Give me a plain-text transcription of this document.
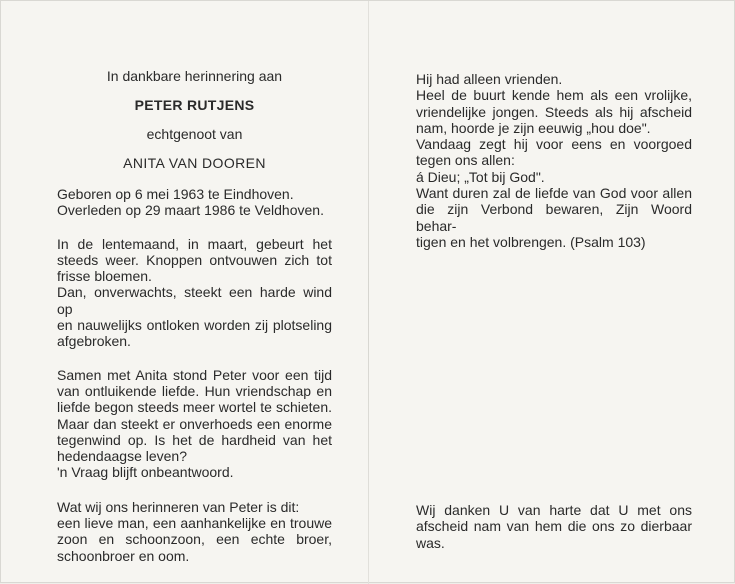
In dankbare herinnering aan
PETER RUTJENS
echtgenoot van
ANITA VAN DOOREN
Geboren op 6 mei 1963 te Eindhoven.
Overleden op 29 maart 1986 te Veldhoven.
In de lentemaand, in maart, gebeurt het
steeds weer. Knoppen ontvouwen zich tot
frisse bloemen.
Dan, onverwachts, steekt een harde wind op
en nauwelijks ontloken worden zij plotseling
afgebroken.
Samen met Anita stond Peter voor een tijd
van ontluikende liefde. Hun vriendschap en
liefde begon steeds meer wortel te schieten.
Maar dan steekt er onverhoeds een enorme
tegenwind op. Is het de hardheid van het
hedendaagse leven?
'n Vraag blijft onbeantwoord.
Wat wij ons herinneren van Peter is dit:
een lieve man, een aanhankelijke en trouwe
zoon en schoonzoon, een echte broer,
schoonbroer en oom.
Hij had alleen vrienden.
Heel de buurt kende hem als een vrolijke,
vriendelijke jongen. Steeds als hij afscheid
nam, hoorde je zijn eeuwig „hou doe".
Vandaag zegt hij voor eens en voorgoed
tegen ons allen:
á Dieu; „Tot bij God".
Want duren zal de liefde van God voor allen
die zijn Verbond bewaren, Zijn Woord behar-
tigen en het volbrengen. (Psalm 103)
Wij danken U van harte dat U met ons
afscheid nam van hem die ons zo dierbaar
was.
